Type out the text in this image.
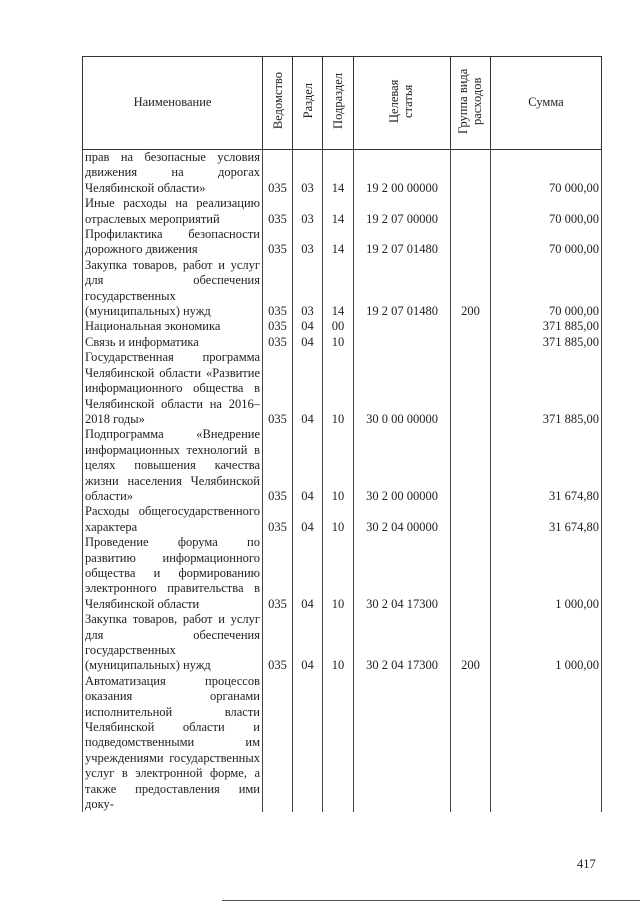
Наименование	Ведомство	Раздел	Подраздел	Целевая статья	Группа вида расходов	Сумма
прав на безопасные условия движения на дорогах Челябинской области»	035	03	14	19 2 00 00000		70 000,00
Иные расходы на реализацию отраслевых мероприятий	035	03	14	19 2 07 00000		70 000,00
Профилактика безопасности дорожного движения	035	03	14	19 2 07 01480		70 000,00
Закупка товаров, работ и услуг для обеспечения государственных (муниципальных) нужд	035	03	14	19 2 07 01480	200	70 000,00
Национальная экономика	035	04	00			371 885,00
Связь и информатика	035	04	10			371 885,00
Государственная программа Челябинской области «Развитие информационного общества в Челябинской области на 2016–2018 годы»	035	04	10	30 0 00 00000		371 885,00
Подпрограмма «Внедрение информационных технологий в целях повышения качества жизни населения Челябинской области»	035	04	10	30 2 00 00000		31 674,80
Расходы общегосударственного характера	035	04	10	30 2 04 00000		31 674,80
Проведение форума по развитию информационного общества и формированию электронного правительства в Челябинской области	035	04	10	30 2 04 17300		1 000,00
Закупка товаров, работ и услуг для обеспечения государственных (муниципальных) нужд	035	04	10	30 2 04 17300	200	1 000,00
Автоматизация процессов оказания органами исполнительной власти Челябинской области и подведомственными им учреждениями государственных услуг в электронной форме, а также предоставления ими доку-						
417
